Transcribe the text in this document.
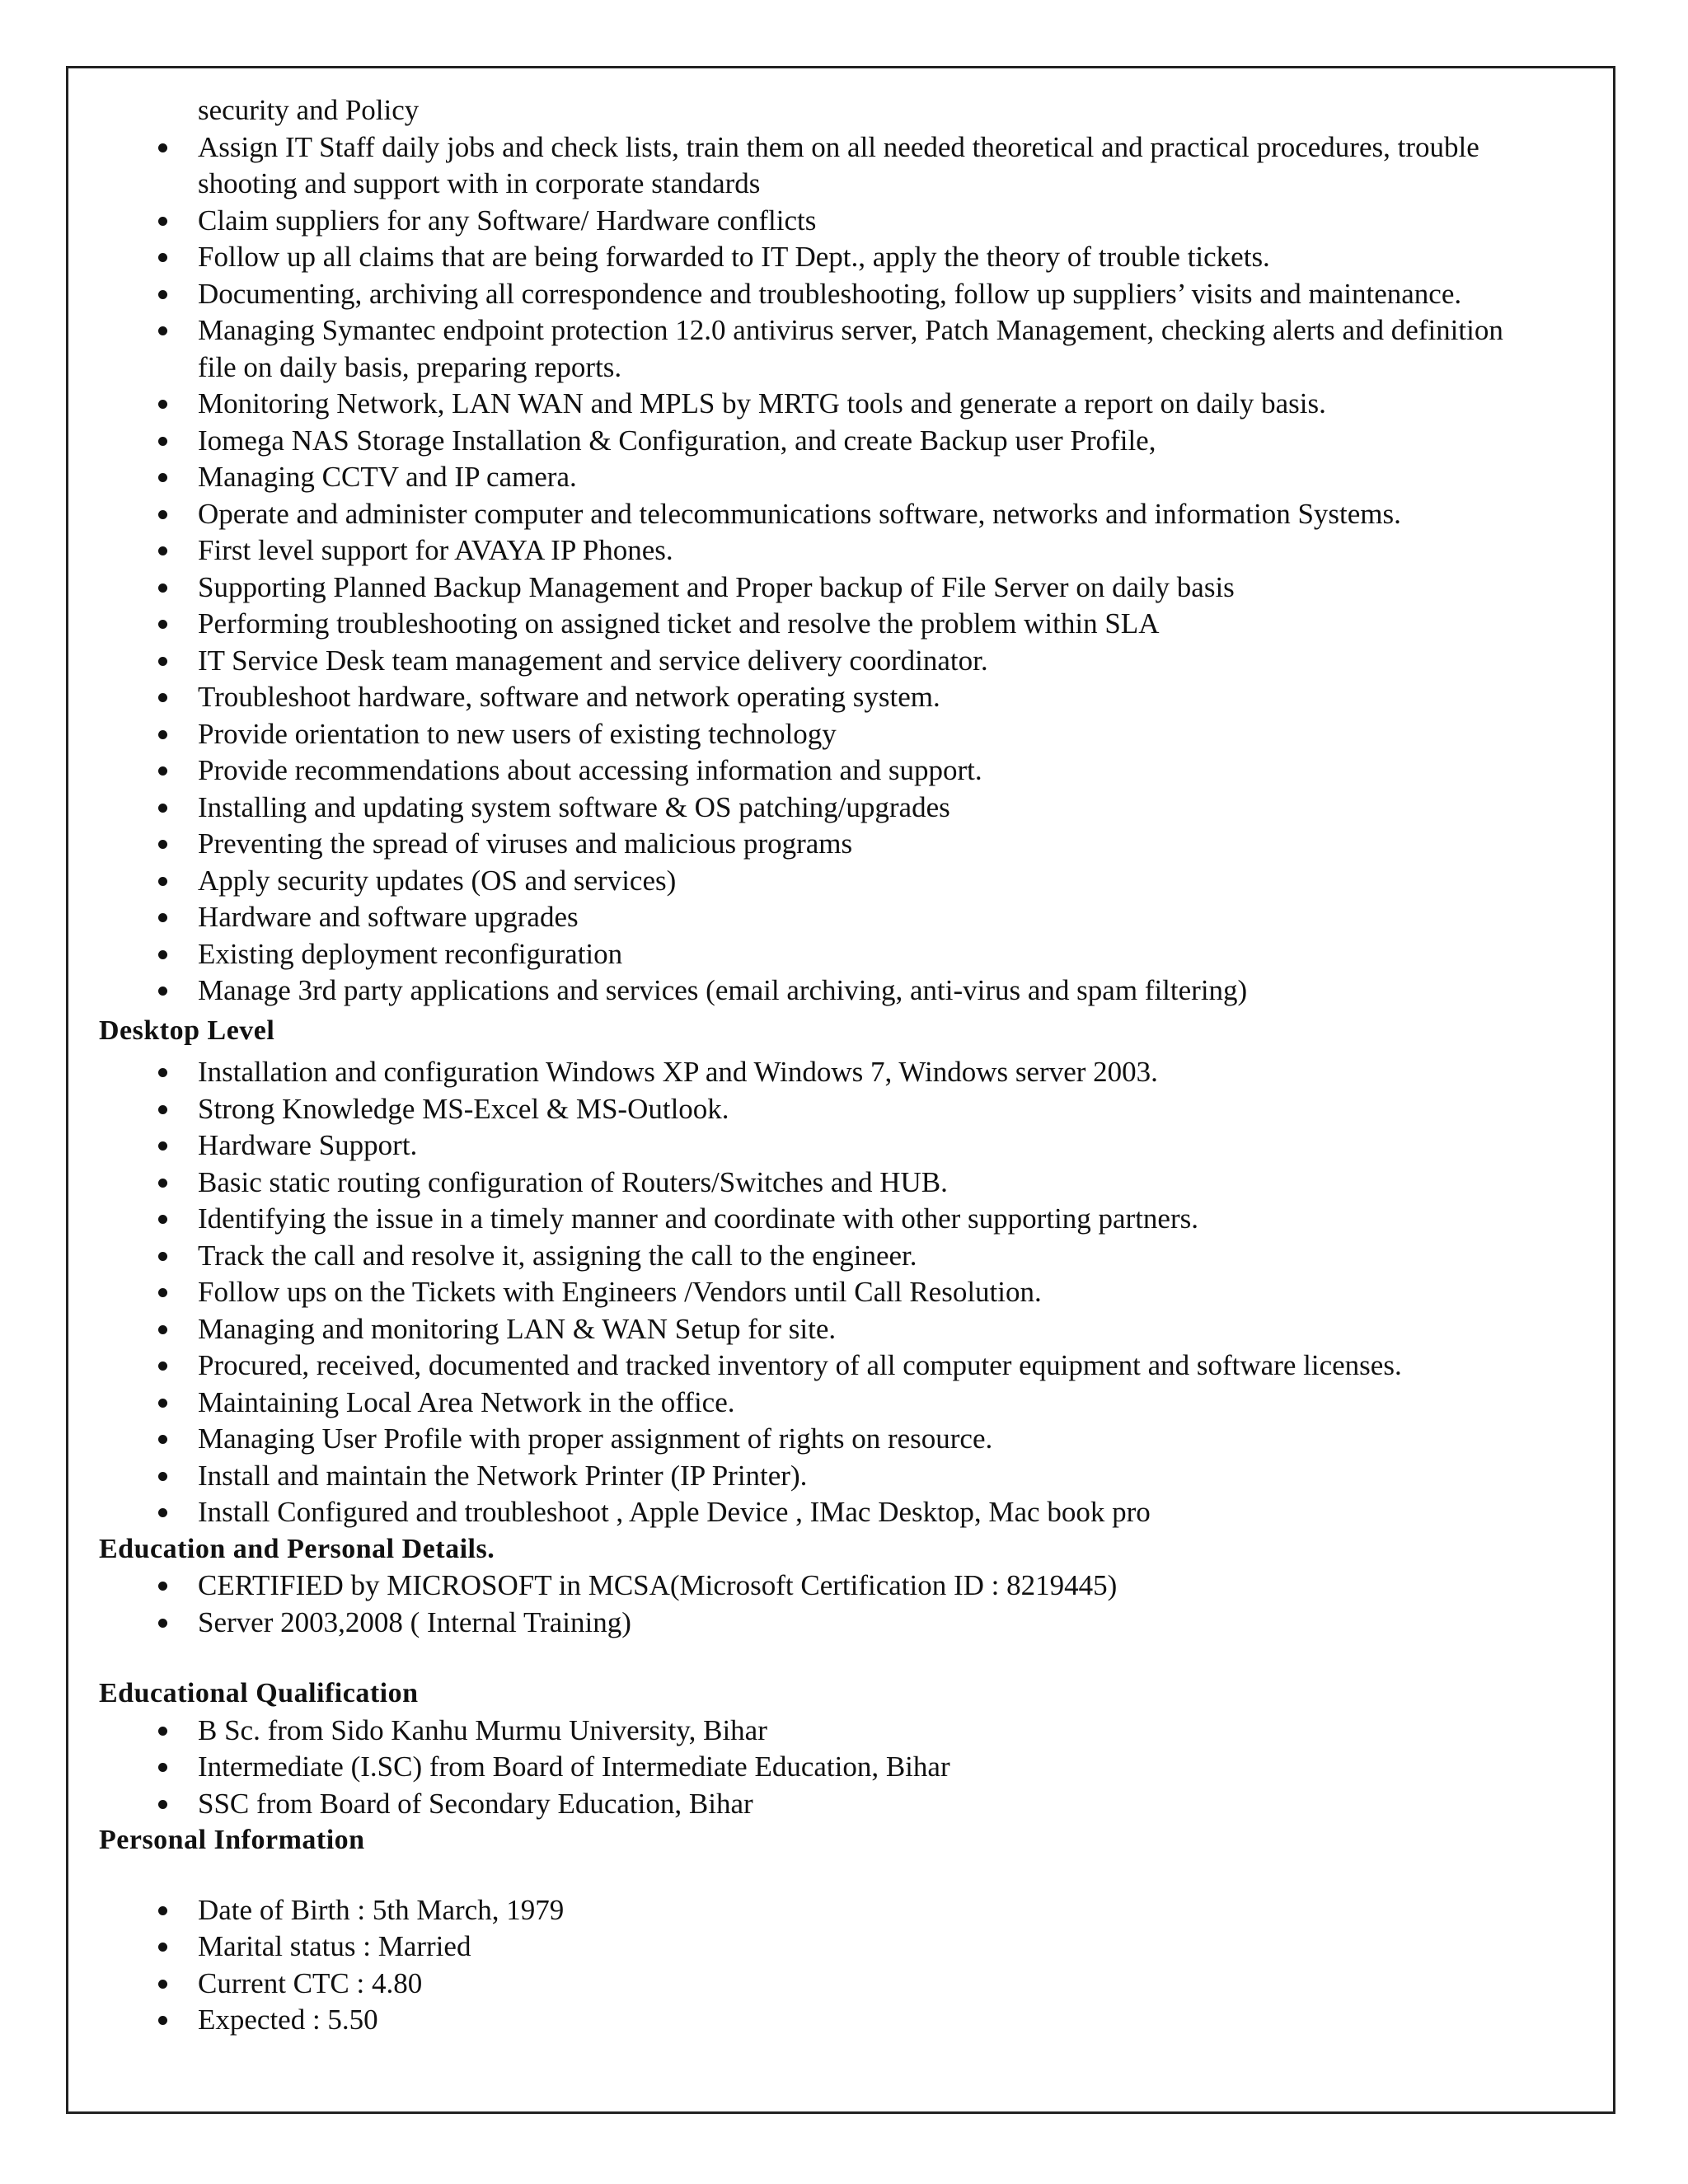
security and Policy
Assign IT Staff daily jobs and check lists, train them on all needed theoretical and practical procedures, trouble
shooting and support with in corporate standards
Claim suppliers for any Software/ Hardware conflicts
Follow up all claims that are being forwarded to IT Dept., apply the theory of trouble tickets.
Documenting, archiving all correspondence and troubleshooting, follow up suppliers’ visits and maintenance.
Managing Symantec endpoint protection 12.0 antivirus server, Patch Management, checking alerts and definition
file on daily basis, preparing reports.
Monitoring Network, LAN WAN and MPLS by MRTG tools and generate a report on daily basis.
Iomega NAS Storage Installation & Configuration, and create Backup user Profile,
Managing CCTV and IP camera.
Operate and administer computer and telecommunications software, networks and information Systems.
First level support for AVAYA IP Phones.
Supporting Planned Backup Management and Proper backup of File Server on daily basis
Performing troubleshooting on assigned ticket and resolve the problem within SLA
IT Service Desk team management and service delivery coordinator.
Troubleshoot hardware, software and network operating system.
Provide orientation to new users of existing technology
Provide recommendations about accessing information and support.
Installing and updating system software & OS patching/upgrades
Preventing the spread of viruses and malicious programs
Apply security updates (OS and services)
Hardware and software upgrades
Existing deployment reconfiguration
Manage 3rd party applications and services (email archiving, anti-virus and spam filtering)
Desktop Level
Installation and configuration Windows XP and Windows 7, Windows server 2003.
Strong Knowledge MS-Excel & MS-Outlook.
Hardware Support.
Basic static routing configuration of Routers/Switches and HUB.
Identifying the issue in a timely manner and coordinate with other supporting partners.
Track the call and resolve it, assigning the call to the engineer.
Follow ups on the Tickets with Engineers /Vendors until Call Resolution.
Managing and monitoring LAN & WAN Setup for site.
Procured, received, documented and tracked inventory of all computer equipment and software licenses.
Maintaining Local Area Network in the office.
Managing User Profile with proper assignment of rights on resource.
Install and maintain the Network Printer (IP Printer).
Install Configured and troubleshoot , Apple Device , IMac Desktop, Mac book pro
Education and Personal Details.
CERTIFIED by MICROSOFT in MCSA(Microsoft Certification ID : 8219445)
Server 2003,2008 ( Internal Training)
Educational Qualification
B Sc. from Sido Kanhu Murmu University, Bihar
Intermediate (I.SC) from Board of Intermediate Education, Bihar
SSC from Board of Secondary Education, Bihar
Personal Information
Date of Birth : 5th March, 1979
Marital status : Married
Current CTC : 4.80
Expected : 5.50
